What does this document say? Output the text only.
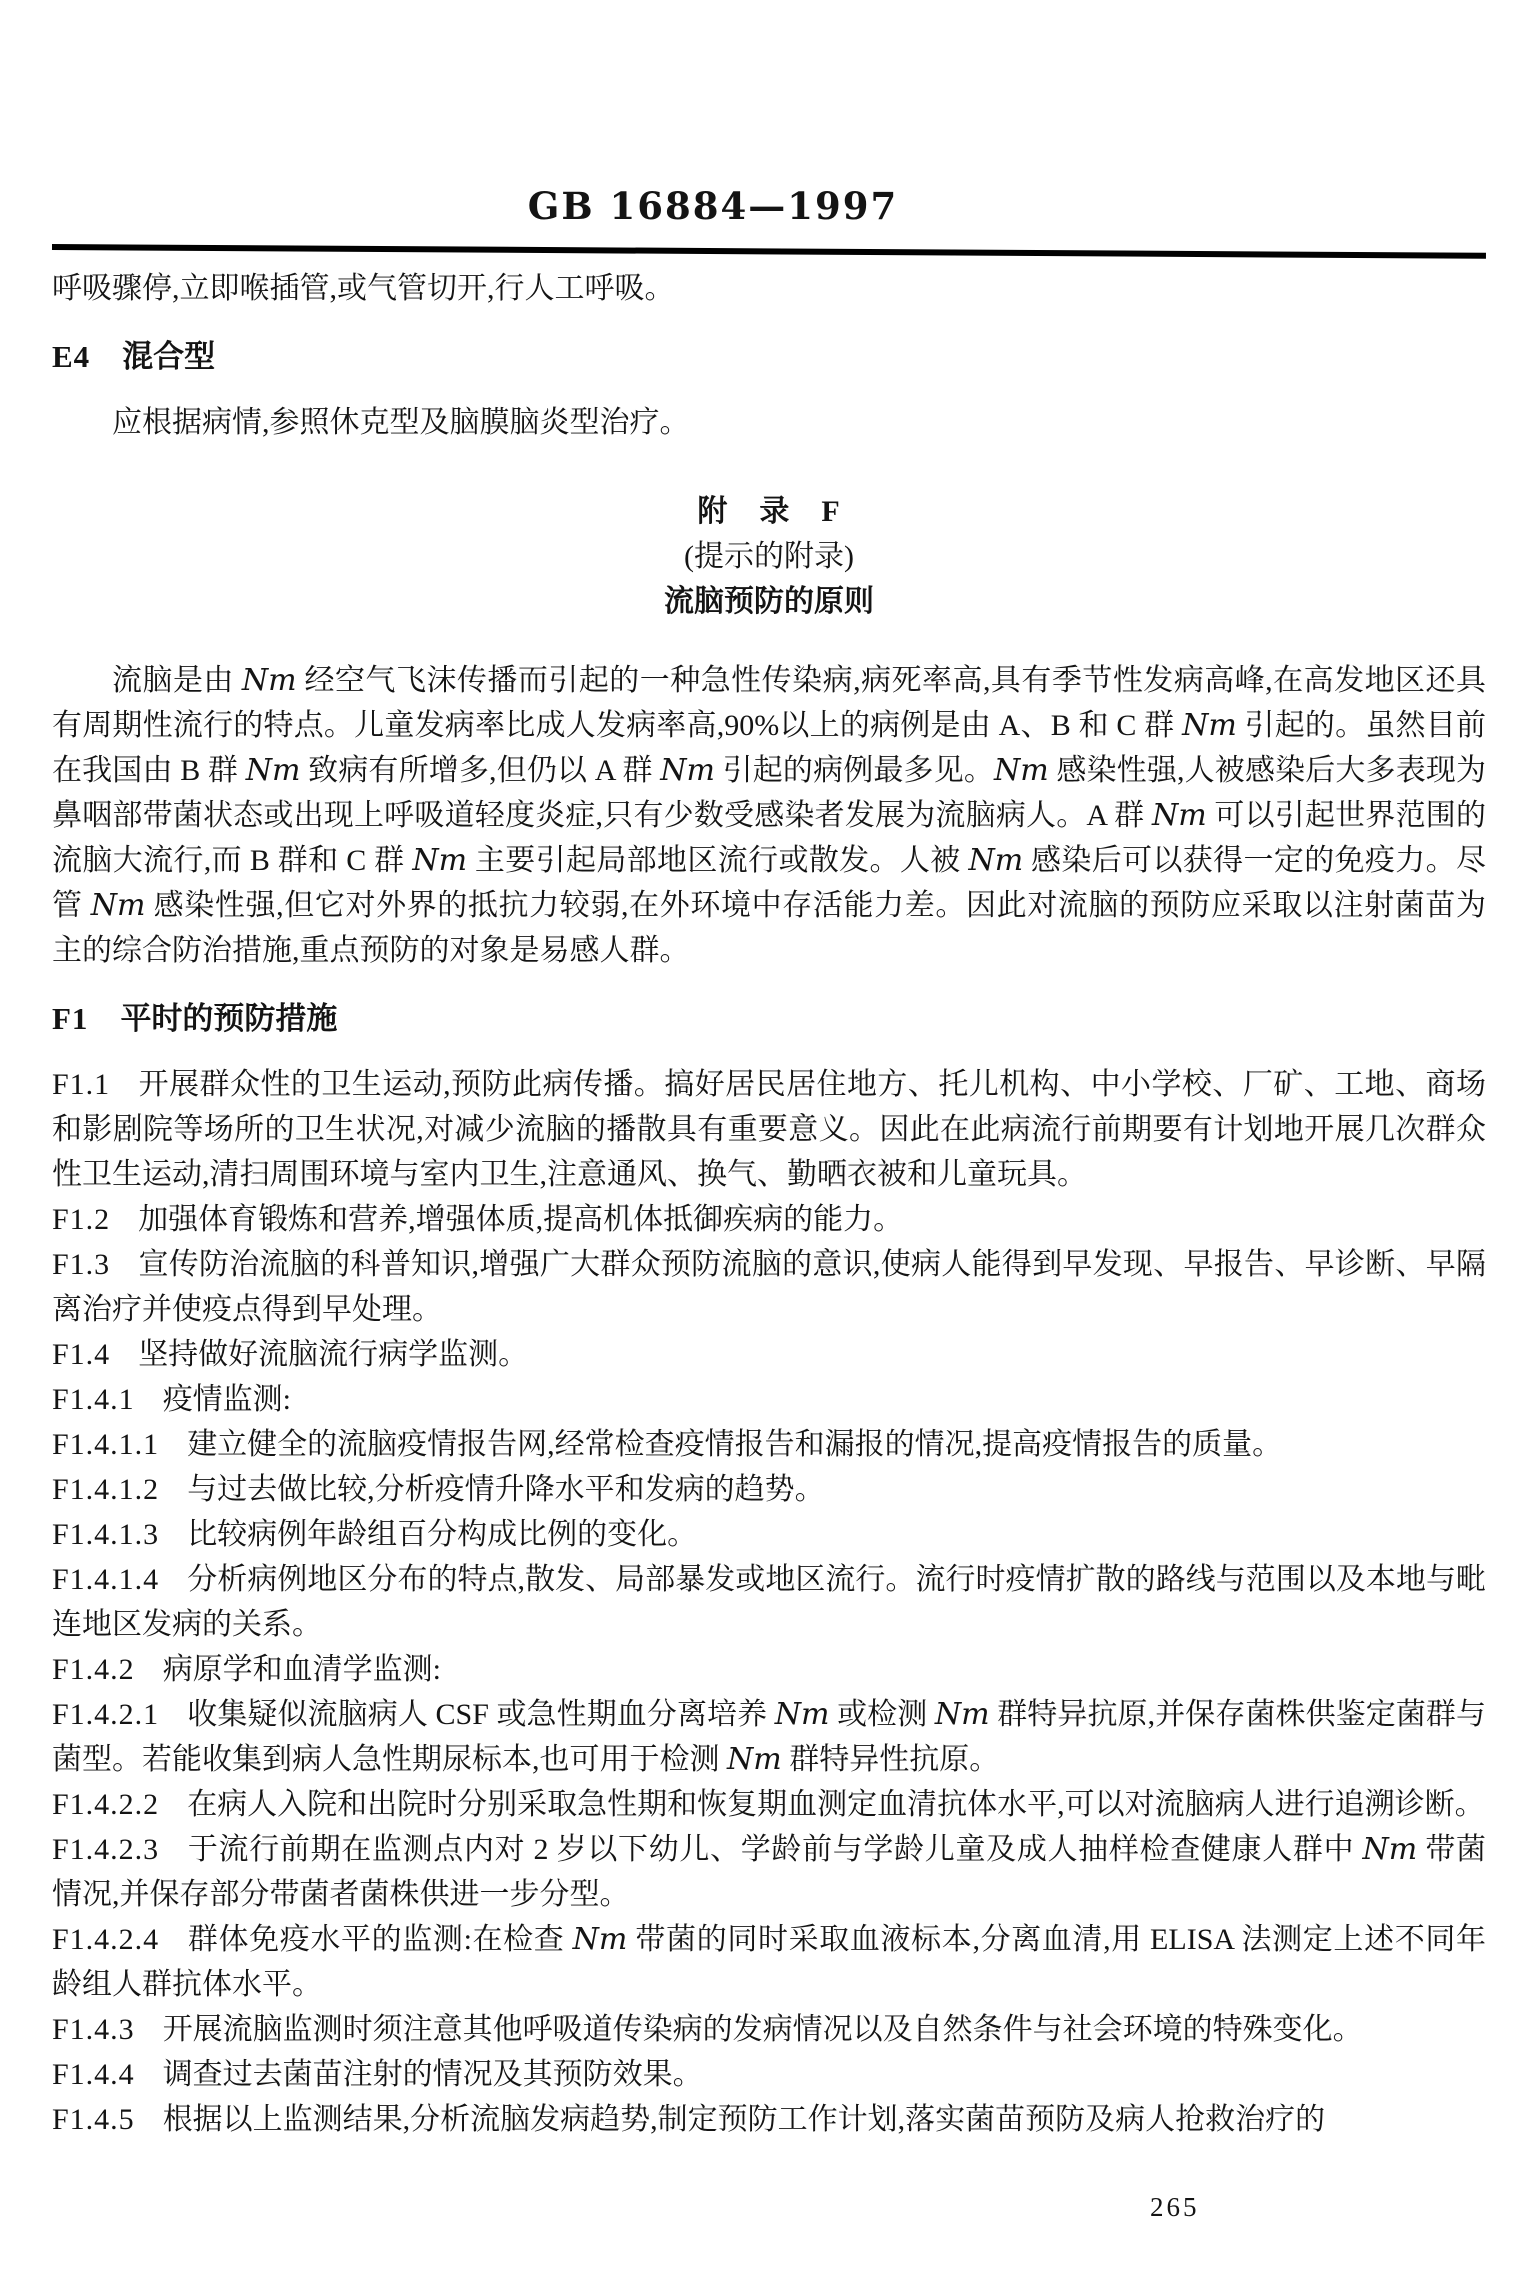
GB 16884—1997
呼吸骤停,立即喉插管,或气管切开,行人工呼吸。
E4 混合型
应根据病情,参照休克型及脑膜脑炎型治疗。
附　录　F
(提示的附录)
流脑预防的原则
流脑是由 Nm 经空气飞沫传播而引起的一种急性传染病,病死率高,具有季节性发病高峰,在高发地区还具有周期性流行的特点。儿童发病率比成人发病率高,90%以上的病例是由 A、B 和 C 群 Nm 引起的。虽然目前在我国由 B 群 Nm 致病有所增多,但仍以 A 群 Nm 引起的病例最多见。Nm 感染性强,人被感染后大多表现为鼻咽部带菌状态或出现上呼吸道轻度炎症,只有少数受感染者发展为流脑病人。A 群 Nm 可以引起世界范围的流脑大流行,而 B 群和 C 群 Nm 主要引起局部地区流行或散发。人被 Nm 感染后可以获得一定的免疫力。尽管 Nm 感染性强,但它对外界的抵抗力较弱,在外环境中存活能力差。因此对流脑的预防应采取以注射菌苗为主的综合防治措施,重点预防的对象是易感人群。
F1 平时的预防措施
F1.1 开展群众性的卫生运动,预防此病传播。搞好居民居住地方、托儿机构、中小学校、厂矿、工地、商场和影剧院等场所的卫生状况,对减少流脑的播散具有重要意义。因此在此病流行前期要有计划地开展几次群众性卫生运动,清扫周围环境与室内卫生,注意通风、换气、勤晒衣被和儿童玩具。
F1.2 加强体育锻炼和营养,增强体质,提高机体抵御疾病的能力。
F1.3 宣传防治流脑的科普知识,增强广大群众预防流脑的意识,使病人能得到早发现、早报告、早诊断、早隔离治疗并使疫点得到早处理。
F1.4 坚持做好流脑流行病学监测。
F1.4.1 疫情监测:
F1.4.1.1 建立健全的流脑疫情报告网,经常检查疫情报告和漏报的情况,提高疫情报告的质量。
F1.4.1.2 与过去做比较,分析疫情升降水平和发病的趋势。
F1.4.1.3 比较病例年龄组百分构成比例的变化。
F1.4.1.4 分析病例地区分布的特点,散发、局部暴发或地区流行。流行时疫情扩散的路线与范围以及本地与毗连地区发病的关系。
F1.4.2 病原学和血清学监测:
F1.4.2.1 收集疑似流脑病人 CSF 或急性期血分离培养 Nm 或检测 Nm 群特异抗原,并保存菌株供鉴定菌群与菌型。若能收集到病人急性期尿标本,也可用于检测 Nm 群特异性抗原。
F1.4.2.2 在病人入院和出院时分别采取急性期和恢复期血测定血清抗体水平,可以对流脑病人进行追溯诊断。
F1.4.2.3 于流行前期在监测点内对 2 岁以下幼儿、学龄前与学龄儿童及成人抽样检查健康人群中 Nm 带菌情况,并保存部分带菌者菌株供进一步分型。
F1.4.2.4 群体免疫水平的监测:在检查 Nm 带菌的同时采取血液标本,分离血清,用 ELISA 法测定上述不同年龄组人群抗体水平。
F1.4.3 开展流脑监测时须注意其他呼吸道传染病的发病情况以及自然条件与社会环境的特殊变化。
F1.4.4 调查过去菌苗注射的情况及其预防效果。
F1.4.5 根据以上监测结果,分析流脑发病趋势,制定预防工作计划,落实菌苗预防及病人抢救治疗的
265
